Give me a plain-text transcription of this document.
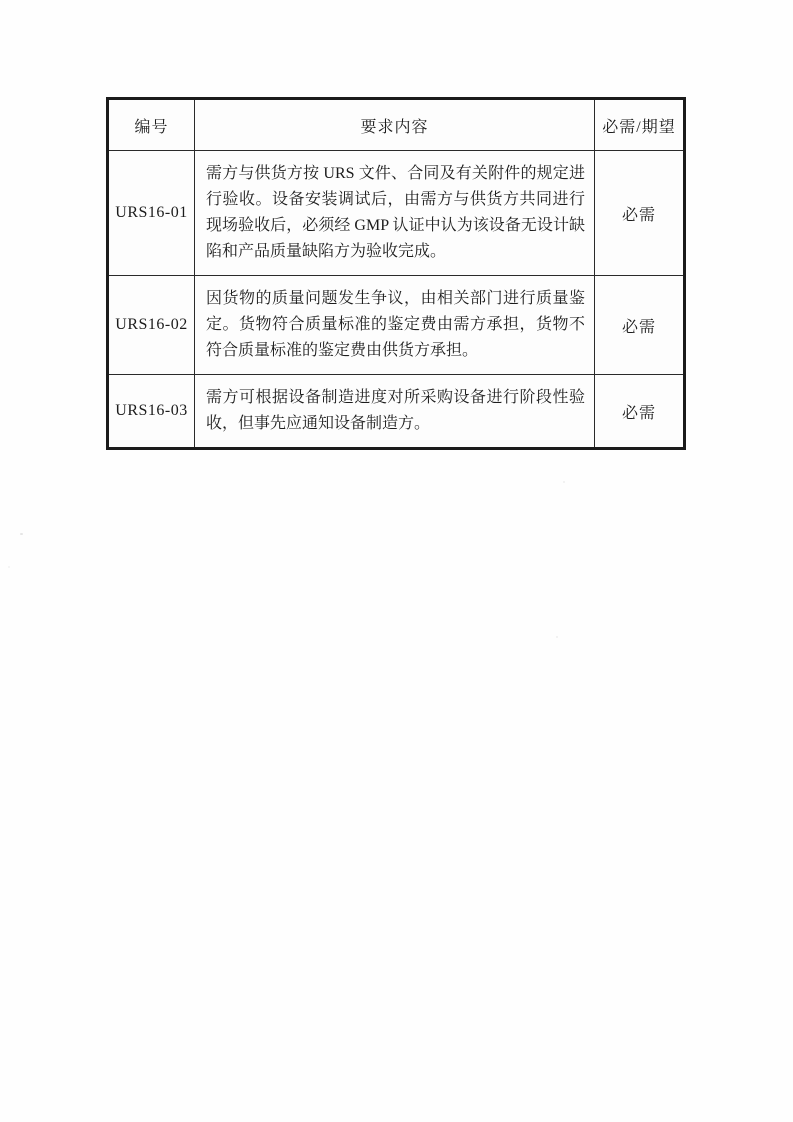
编号	要求内容	必需/期望
URS16-01	需方与供货方按 URS 文件、合同及有关附件的规定进行验收。设备安装调试后，由需方与供货方共同进行现场验收后，必须经 GMP 认证中认为该设备无设计缺陷和产品质量缺陷方为验收完成。	必需
URS16-02	因货物的质量问题发生争议，由相关部门进行质量鉴定。货物符合质量标准的鉴定费由需方承担，货物不符合质量标准的鉴定费由供货方承担。	必需
URS16-03	需方可根据设备制造进度对所采购设备进行阶段性验收，但事先应通知设备制造方。	必需
